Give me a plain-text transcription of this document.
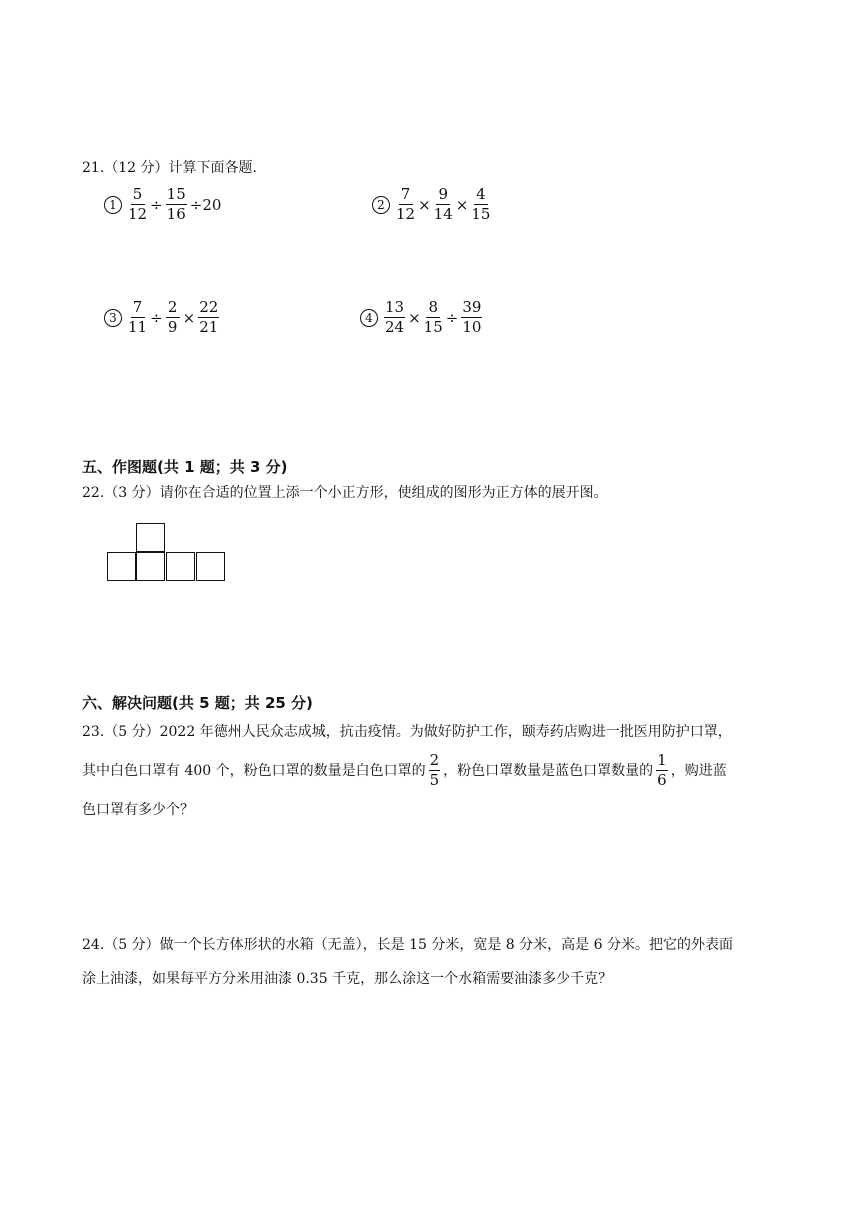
21.（12 分）计算下面各题.
$1 \frac{5}{12} \div \frac{15}{16} \div 20$	$2 \frac{7}{12} \times \frac{9}{14} \times \frac{4}{15}$
$3 \frac{7}{11} \div \frac{2}{9} \times \frac{22}{21}$	$4 \frac{13}{24} \times \frac{8}{15} \div \frac{39}{10}$
五、作图题(共 1 题；共 3 分)
22.（3 分）请你在合适的位置上添一个小正方形，使组成的图形为正方体的展开图。
六、解决问题(共 5 题；共 25 分)
23.（5 分）2022 年德州人民众志成城，抗击疫情。为做好防护工作，颐寿药店购进一批医用防护口罩，
其中白色口罩有 400 个，粉色口罩的数量是白色口罩的 $\frac{2}{5}$ ，粉色口罩数量是蓝色口罩数量的 $\frac{1}{6}$ ，购进蓝
色口罩有多少个？
24.（5 分）做一个长方体形状的水箱（无盖），长是 15 分米，宽是 8 分米，高是 6 分米。把它的外表面
涂上油漆，如果每平方分米用油漆 0.35 千克，那么涂这一个水箱需要油漆多少千克？
